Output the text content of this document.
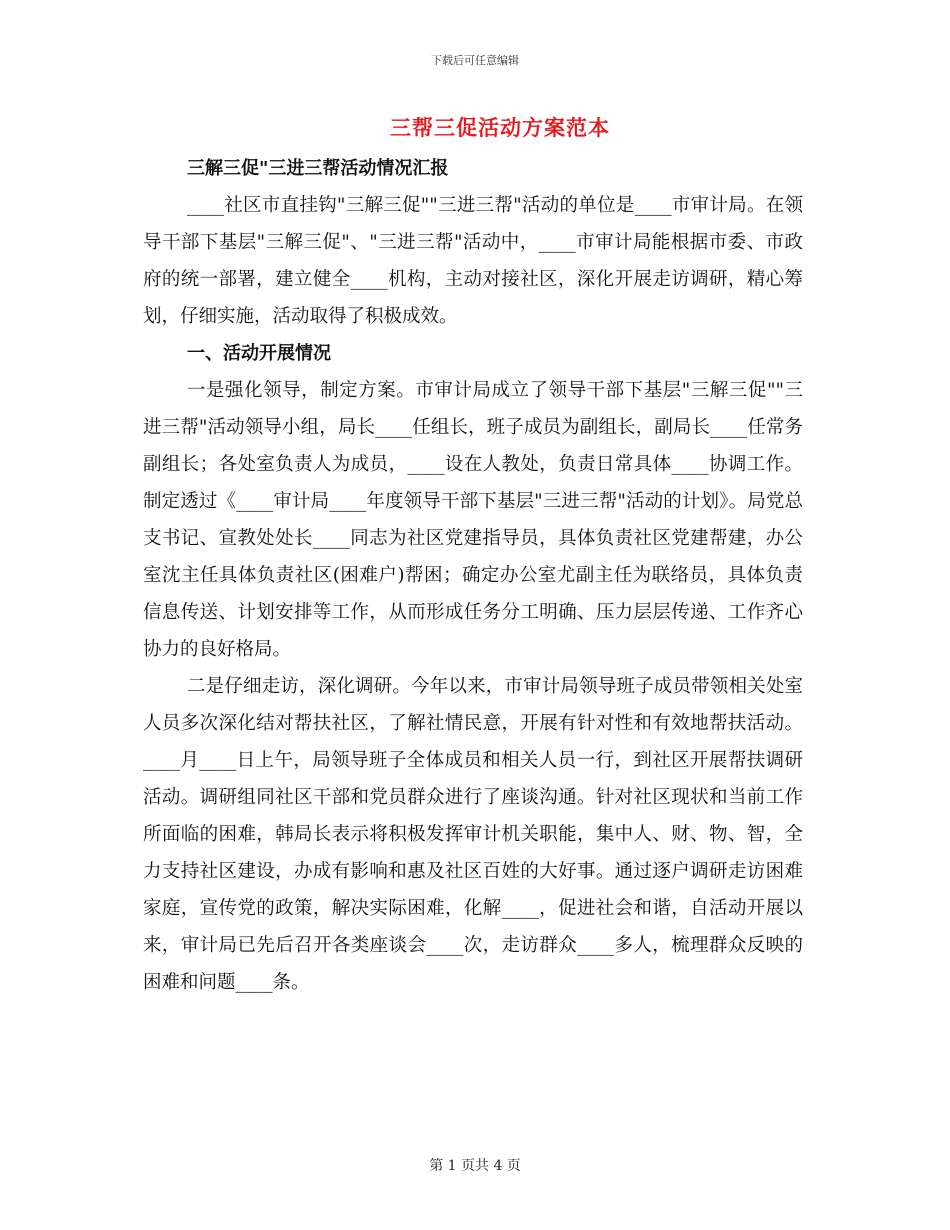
下载后可任意编辑
三帮三促活动方案范本
三解三促"三进三帮活动情况汇报

____社区市直挂钩"三解三促""三进三帮"活动的单位是____市审计局。在领导干部下基层"三解三促"、"三进三帮"活动中，____市审计局能根据市委、市政府的统一部署，建立健全____机构，主动对接社区，深化开展走访调研，精心筹划，仔细实施，活动取得了积极成效。

一、活动开展情况

一是强化领导，制定方案。市审计局成立了领导干部下基层"三解三促""三进三帮"活动领导小组，局长____任组长，班子成员为副组长，副局长____任常务副组长；各处室负责人为成员，____设在人教处，负责日常具体____协调工作。制定透过《____审计局____年度领导干部下基层"三进三帮"活动的计划》。局党总支书记、宣教处处长____同志为社区党建指导员，具体负责社区党建帮建，办公室沈主任具体负责社区(困难户)帮困；确定办公室尤副主任为联络员，具体负责信息传送、计划安排等工作，从而形成任务分工明确、压力层层传递、工作齐心协力的良好格局。

二是仔细走访，深化调研。今年以来，市审计局领导班子成员带领相关处室人员多次深化结对帮扶社区，了解社情民意，开展有针对性和有效地帮扶活动。____月____日上午，局领导班子全体成员和相关人员一行，到社区开展帮扶调研活动。调研组同社区干部和党员群众进行了座谈沟通。针对社区现状和当前工作所面临的困难，韩局长表示将积极发挥审计机关职能，集中人、财、物、智，全力支持社区建设，办成有影响和惠及社区百姓的大好事。通过逐户调研走访困难家庭，宣传党的政策，解决实际困难，化解____，促进社会和谐，自活动开展以来，审计局已先后召开各类座谈会____次，走访群众____多人，梳理群众反映的困难和问题____条。

第 1 页共 4 页
